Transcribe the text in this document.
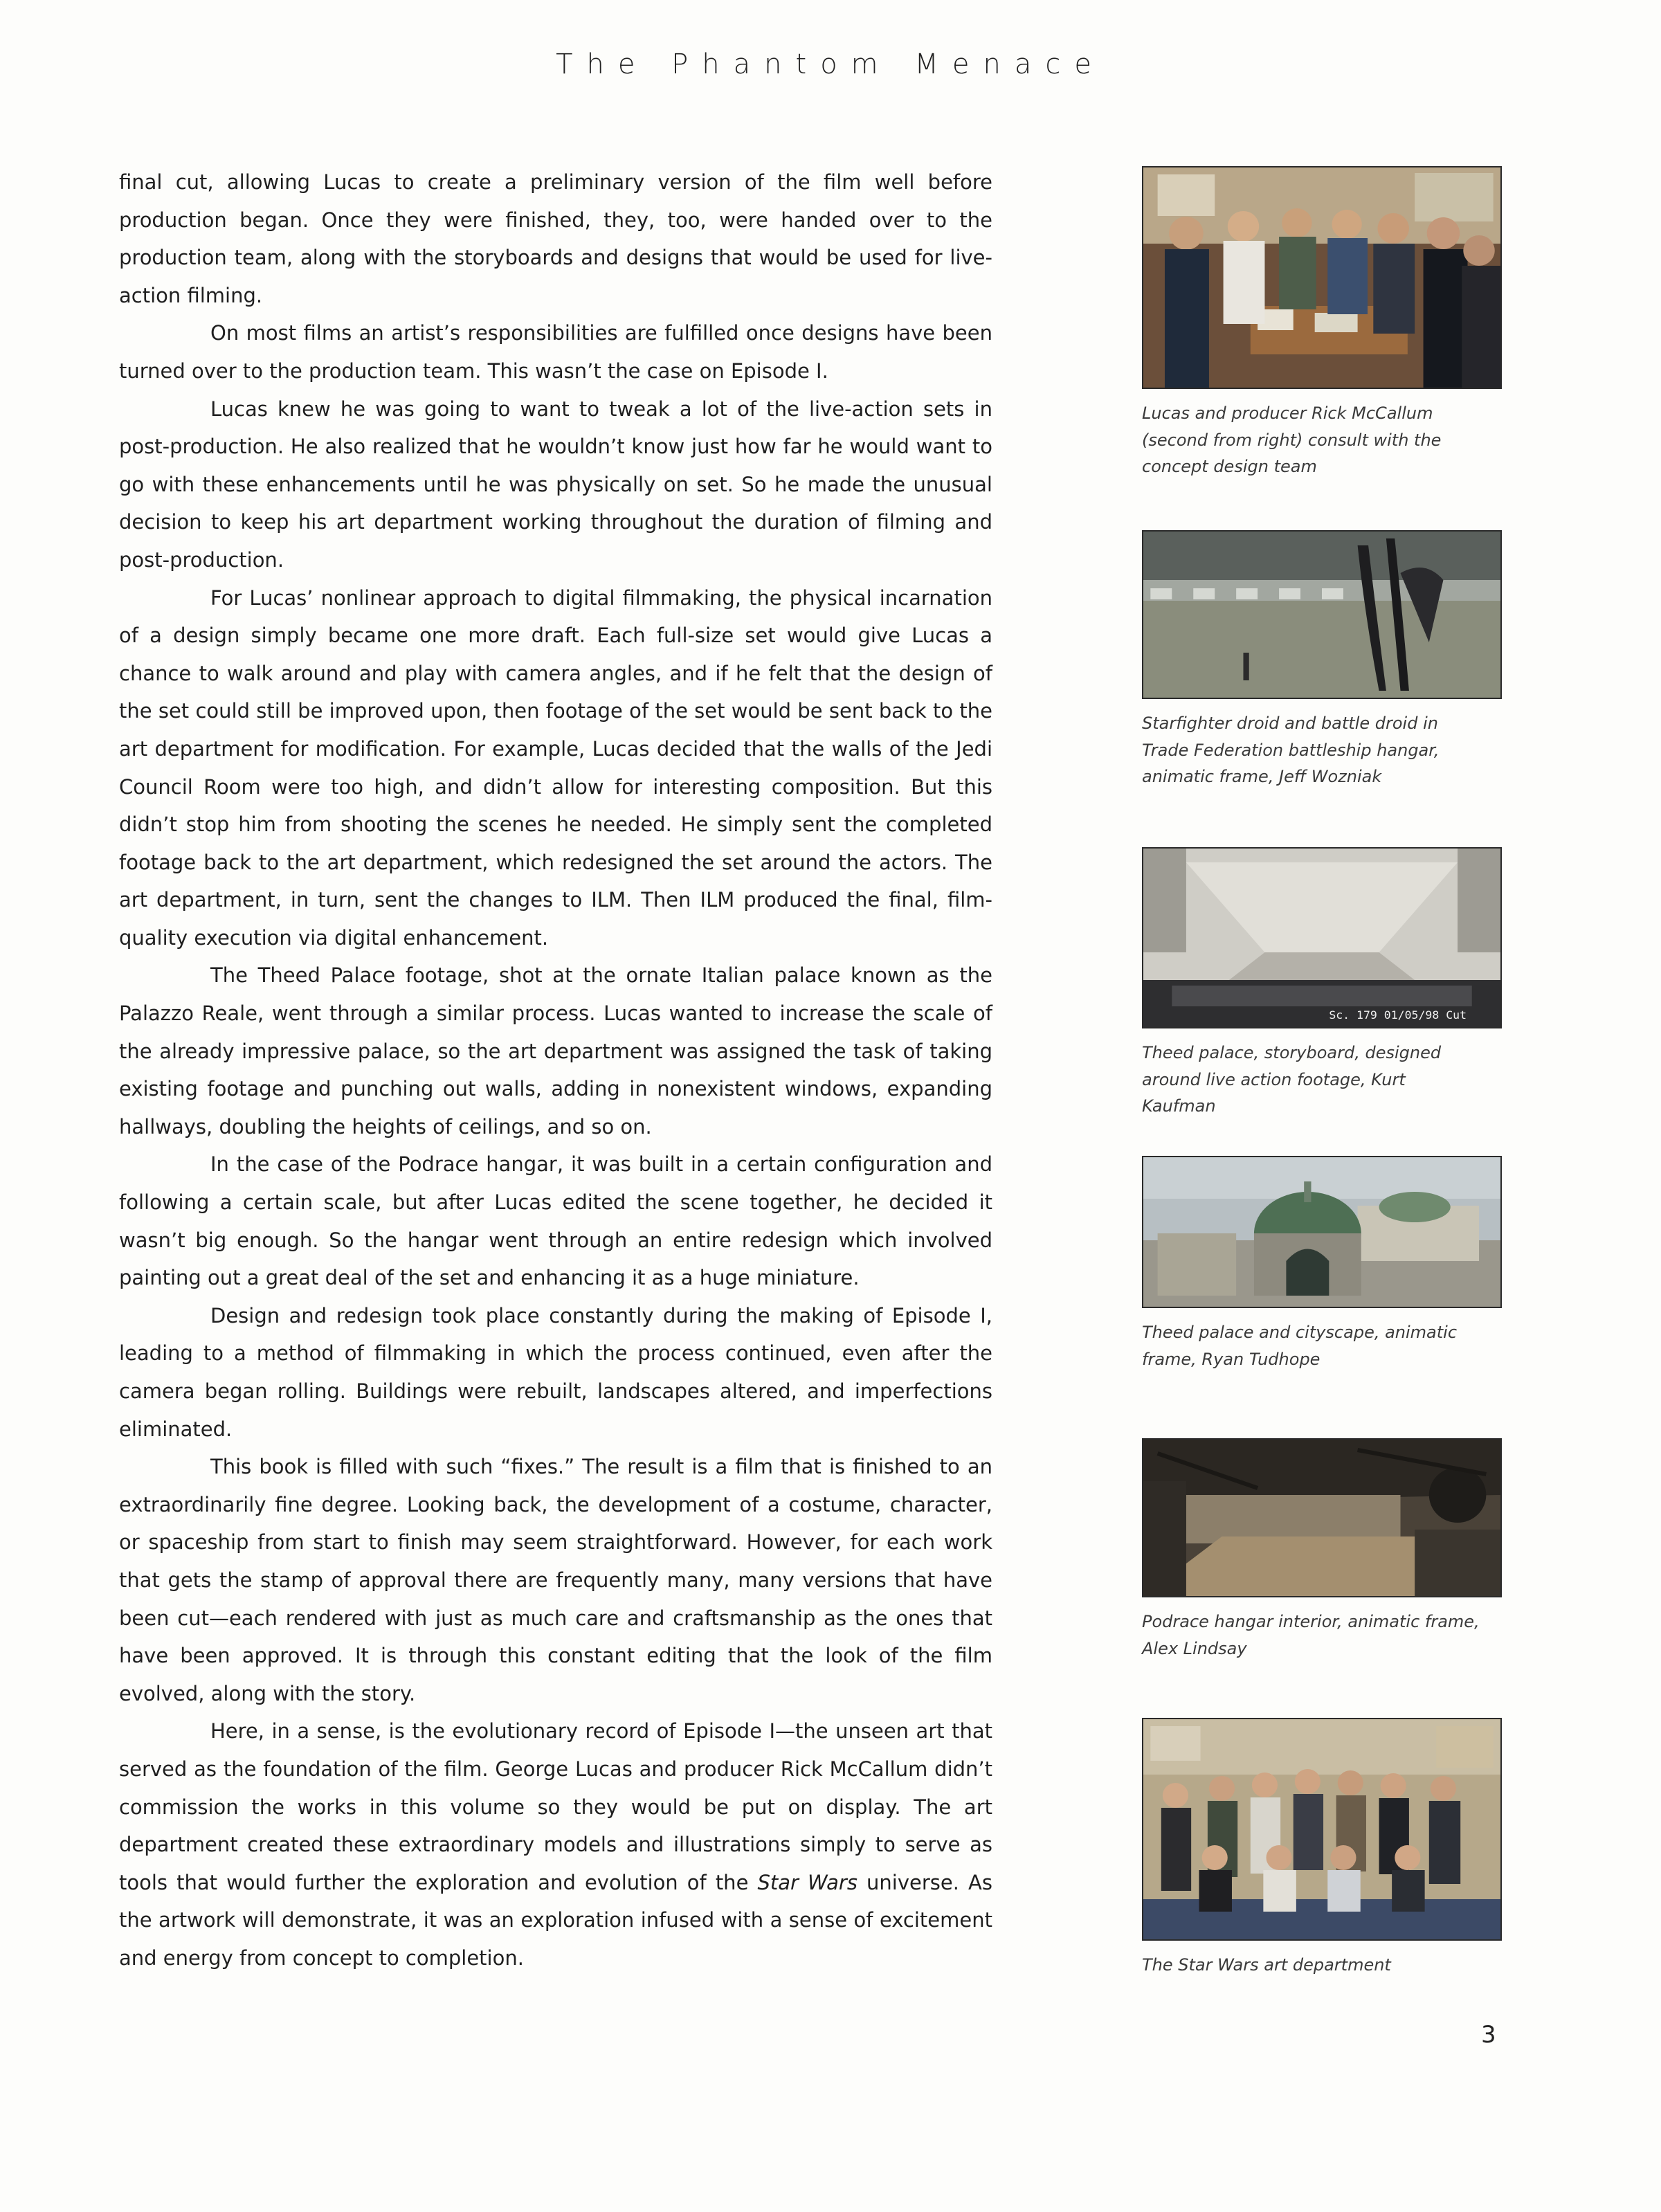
The Phantom Menace

final cut, allowing Lucas to create a preliminary version of the film well before production began. Once they were finished, they, too, were handed over to the production team, along with the storyboards and designs that would be used for live-action filming.

On most films an artist’s responsibilities are fulfilled once designs have been turned over to the production team. This wasn’t the case on Episode I.

Lucas knew he was going to want to tweak a lot of the live-action sets in post-production. He also realized that he wouldn’t know just how far he would want to go with these enhancements until he was physically on set. So he made the unusual decision to keep his art department working throughout the duration of filming and post-production.

For Lucas’ nonlinear approach to digital filmmaking, the physical incarnation of a design simply became one more draft. Each full-size set would give Lucas a chance to walk around and play with camera angles, and if he felt that the design of the set could still be improved upon, then footage of the set would be sent back to the art department for modification. For example, Lucas decided that the walls of the Jedi Council Room were too high, and didn’t allow for interesting composition. But this didn’t stop him from shooting the scenes he needed. He simply sent the completed footage back to the art department, which redesigned the set around the actors. The art department, in turn, sent the changes to ILM. Then ILM produced the final, film-quality execution via digital enhancement.

The Theed Palace footage, shot at the ornate Italian palace known as the Palazzo Reale, went through a similar process. Lucas wanted to increase the scale of the already impressive palace, so the art department was assigned the task of taking existing footage and punching out walls, adding in nonexistent windows, expanding hallways, doubling the heights of ceilings, and so on.

In the case of the Podrace hangar, it was built in a certain configuration and following a certain scale, but after Lucas edited the scene together, he decided it wasn’t big enough. So the hangar went through an entire redesign which involved painting out a great deal of the set and enhancing it as a huge miniature.

Design and redesign took place constantly during the making of Episode I, leading to a method of filmmaking in which the process continued, even after the camera began rolling. Buildings were rebuilt, landscapes altered, and imperfections eliminated.

This book is filled with such “fixes.” The result is a film that is finished to an extraordinarily fine degree. Looking back, the development of a costume, character, or spaceship from start to finish may seem straightforward. However, for each work that gets the stamp of approval there are frequently many, many versions that have been cut—each rendered with just as much care and craftsmanship as the ones that have been approved. It is through this constant editing that the look of the film evolved, along with the story.

Here, in a sense, is the evolutionary record of Episode I—the unseen art that served as the foundation of the film. George Lucas and producer Rick McCallum didn’t commission the works in this volume so they would be put on display. The art department created these extraordinary models and illustrations simply to serve as tools that would further the exploration and evolution of the Star Wars universe. As the artwork will demonstrate, it was an exploration infused with a sense of excitement and energy from concept to completion.

Lucas and producer Rick McCallum (second from right) consult with the concept design team
Starfighter droid and battle droid in Trade Federation battleship hangar, animatic frame, Jeff Wozniak
Sc. 179 01/05/98 Cut
Theed palace, storyboard, designed around live action footage, Kurt Kaufman
Theed palace and cityscape, animatic frame, Ryan Tudhope
Podrace hangar interior, animatic frame, Alex Lindsay
The Star Wars art department
3
